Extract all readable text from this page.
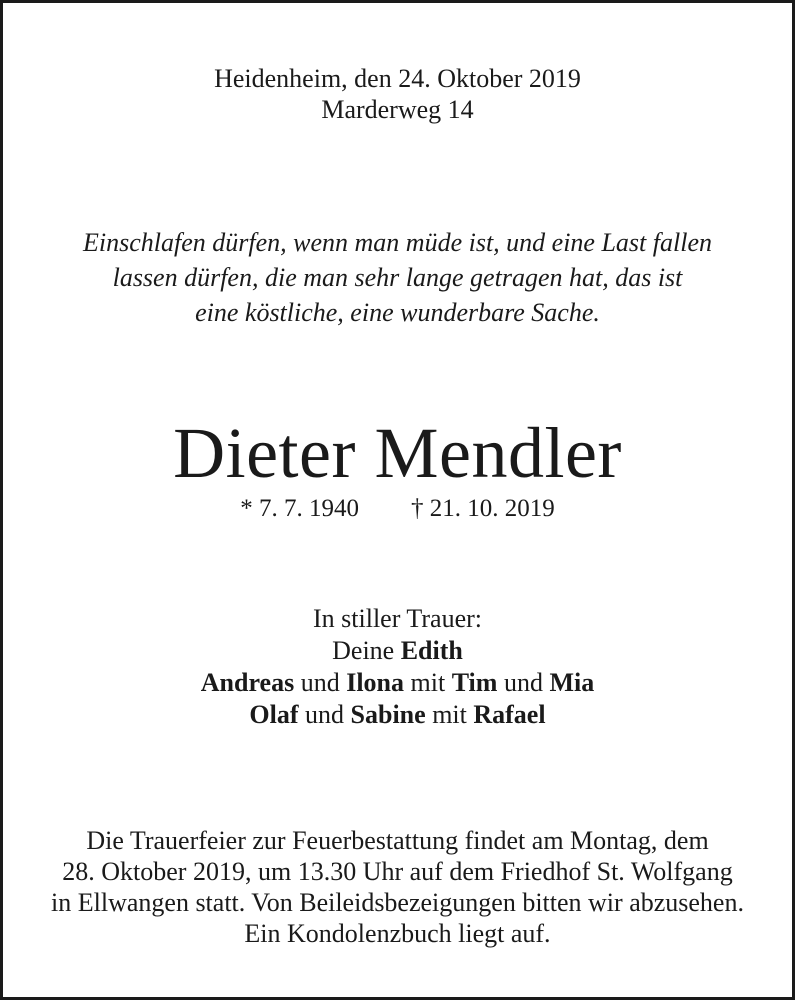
Heidenheim, den 24. Oktober 2019
Marderweg 14
Einschlafen dürfen, wenn man müde ist, und eine Last fallen
lassen dürfen, die man sehr lange getragen hat, das ist
eine köstliche, eine wunderbare Sache.
Dieter Mendler
* 7. 7. 1940 † 21. 10. 2019
In stiller Trauer:
Deine Edith
Andreas und Ilona mit Tim und Mia
Olaf und Sabine mit Rafael
Die Trauerfeier zur Feuerbestattung findet am Montag, dem
28. Oktober 2019, um 13.30 Uhr auf dem Friedhof St. Wolfgang
in Ellwangen statt. Von Beileidsbezeigungen bitten wir abzusehen.
Ein Kondolenzbuch liegt auf.
